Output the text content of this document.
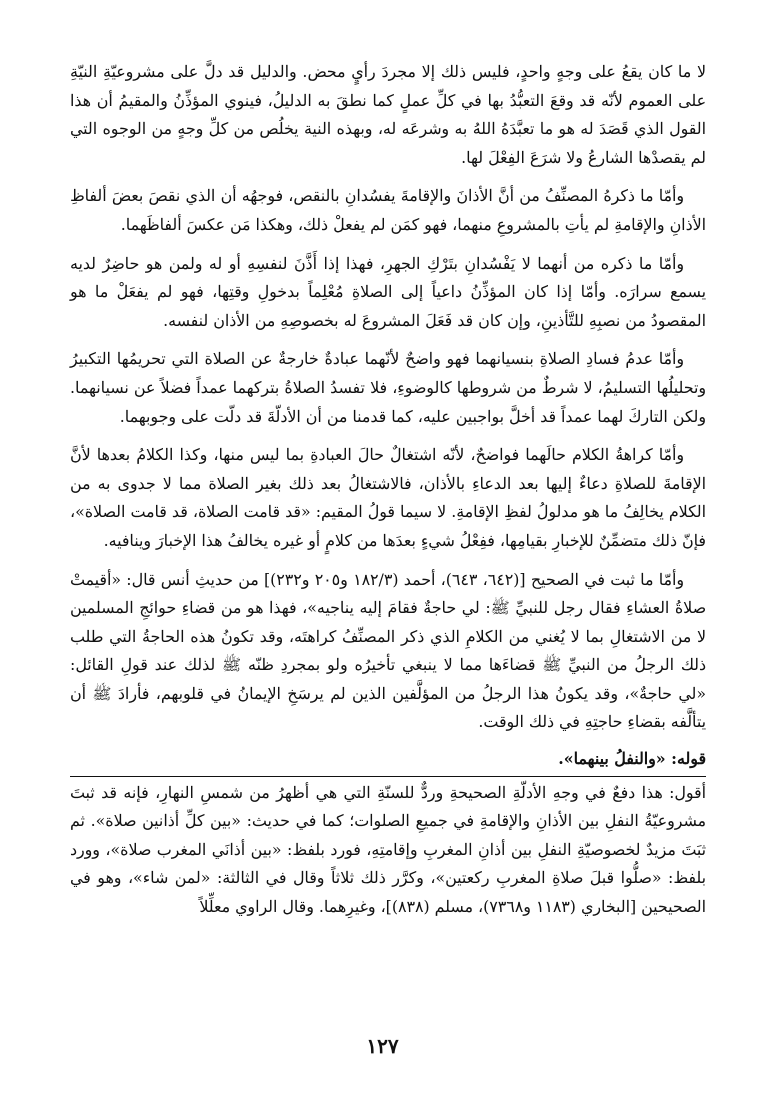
لا ما كان يقعُ على وجهٍ واحدٍ، فليس ذلك إلا مجردَ رأيٍ محض. والدليل قد دلَّ على مشروعيّةِ النيّةِ على العموم لأنّه قد وقعَ التعبُّدُ بها في كلِّ عملٍ كما نطقَ به الدليلُ، فينوي المؤذِّنُ والمقيمُ أن هذا القول الذي قَصَدَ له هو ما تعبَّدَهُ اللهُ به وشرعَه له، وبهذه النية يخلُص من كلِّ وجهٍ من الوجوه التي لم يقصدْها الشارعُ ولا شرَعَ الفِعْلَ لها.

وأمّا ما ذكرهُ المصنِّفُ من أنَّ الأذانَ والإقامةَ يفسُدانِ بالنقص، فوجهُه أن الذي نقصَ بعضَ ألفاظِ الأذانِ والإقامةِ لم يأتِ بالمشروعِ منهما، فهو كمَن لم يفعلْ ذلك، وهكذا مَن عكسَ ألفاظَهما.

وأمّا ما ذكره من أنهما لا يَفْسُدانِ بتَرْكِ الجهرِ، فهذا إذا أَذَّنَ لنفسِهِ أو له ولمن هو حاضِرٌ لديه يسمع سرارَه. وأمّا إذا كان المؤذِّنُ داعياً إلى الصلاةِ مُعْلِماً بدخولِ وقتِها، فهو لم يفعَلْ ما هو المقصودُ من نصبِهِ للتَّأذينِ، وإن كان قد فَعَلَ المشروعَ له بخصوصِهِ من الأذان لنفسه.

وأمّا عدمُ فسادِ الصلاةِ بنسيانهما فهو واضحٌ لأنّهما عبادةٌ خارجةٌ عن الصلاة التي تحريمُها التكبيرُ وتحليلُها التسليمُ، لا شرطٌ من شروطها كالوضوءِ، فلا تفسدُ الصلاةُ بتركهما عمداً فضلاً عن نسيانهما. ولكن التاركَ لهما عمداً قد أخلَّ بواجبين عليه، كما قدمنا من أن الأدلّةَ قد دلّت على وجوبهما.

وأمّا كراهةُ الكلام حالَهما فواضحٌ، لأنّه اشتغالٌ حالَ العبادةِ بما ليس منها، وكذا الكلامُ بعدها لأنَّ الإقامةَ للصلاةِ دعاءٌ إليها بعد الدعاءِ بالأذان، فالاشتغالُ بعد ذلك بغير الصلاة مما لا جدوى به من الكلام يخالِفُ ما هو مدلولُ لفظِ الإقامةِ. لا سيما قولُ المقيم: «قد قامت الصلاة، قد قامت الصلاة»، فإنّ ذلك متضمِّنٌ للإخبارِ بقيامِها، ففِعْلُ شيءٍ بعدَها من كلامٍ أو غيره يخالفُ هذا الإخبارَ وينافيه.

وأمّا ما ثبت في الصحيح [(٦٤٢، ٦٤٣)، أحمد (١٨٢/٣ و٢٠٥ و٢٣٢)] من حديثِ أنس قال: «أقيمتْ صلاةُ العشاءِ فقال رجل للنبيِّ ﷺ: لي حاجةٌ فقامَ إليه يناجيه»، فهذا هو من قضاءِ حوائجِ المسلمين لا من الاشتغالِ بما لا يُغني من الكلامِ الذي ذكر المصنِّفُ كراهتَه، وقد تكونُ هذه الحاجةُ التي طلب ذلك الرجلُ من النبيِّ ﷺ قضاءَها مما لا ينبغي تأخيرُه ولو بمجردِ ظنّه ﷺ لذلك عند قولِ القائل: «لي حاجةٌ»، وقد يكونُ هذا الرجلُ من المؤلَّفين الذين لم يرسَخِ الإيمانُ في قلوبهم، فأرادَ ﷺ أن يتألَّفه بقضاءِ حاجتِهِ في ذلك الوقت.

قوله: «والنفلُ بينهما».

أقول: هذا دفعٌ في وجهِ الأدلّةِ الصحيحةِ وردٌّ للسنّةِ التي هي أظهرُ من شمسِ النهارِ، فإنه قد ثبتَ مشروعيّةُ النفلِ بين الأذانِ والإقامةِ في جميعِ الصلوات؛ كما في حديث: «بين كلِّ أذانين صلاة». ثم ثبَتَ مزيدٌ لخصوصيّةِ النفلِ بين أذانِ المغربِ وإقامتِهِ، فورد بلفظ: «بين أذانَي المغرب صلاة»، وورد بلفظ: «صلُّوا قبلَ صلاةِ المغربِ ركعتين»، وكرَّر ذلك ثلاثاً وقال في الثالثة: «لمن شاء»، وهو في الصحيحين [البخاري (١١٨٣ و٧٣٦٨)، مسلم (٨٣٨)]، وغيرِهما. وقال الراوي معلِّلاً

١٢٧
